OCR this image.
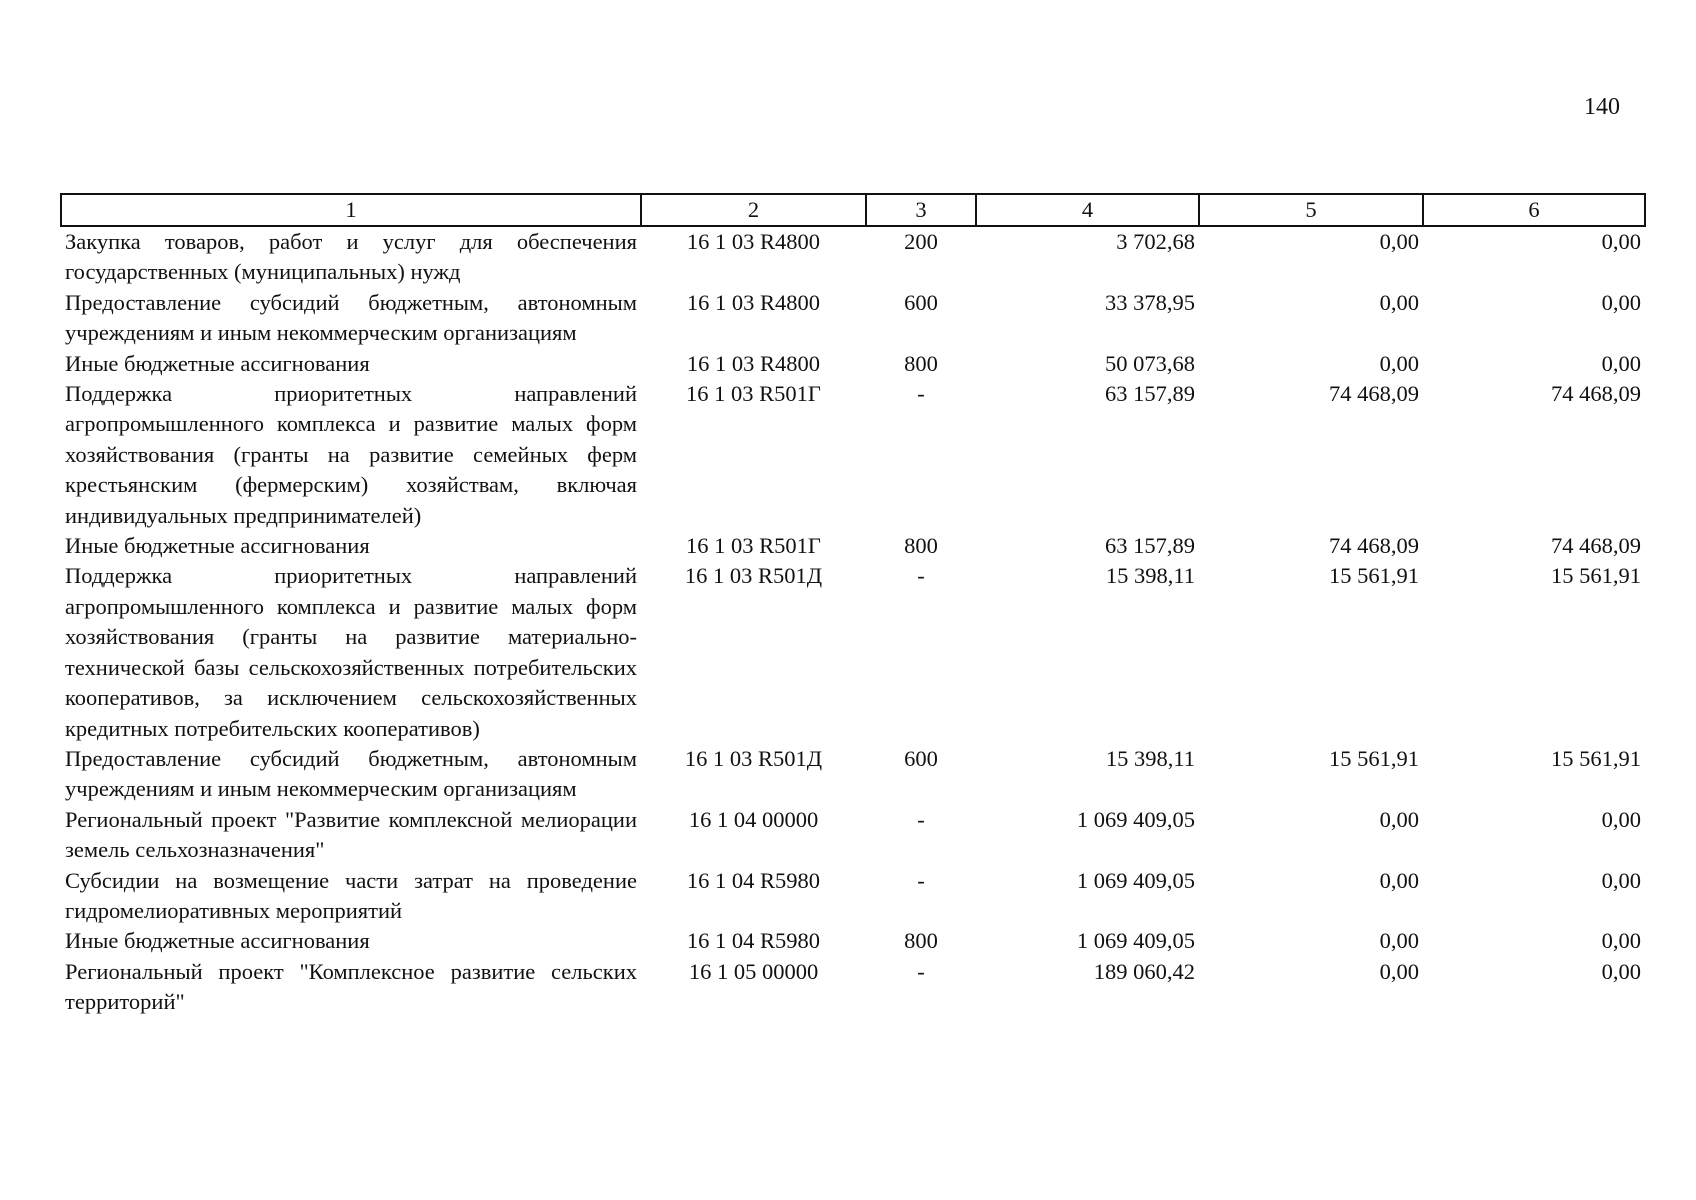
140
1	2	3	4	5	6
Закупка товаров, работ и услуг для обеспечения государственных (муниципальных) нужд	16 1 03 R4800	200	3 702,68	0,00	0,00
Предоставление субсидий бюджетным, автономным учреждениям и иным некоммерческим организациям	16 1 03 R4800	600	33 378,95	0,00	0,00
Иные бюджетные ассигнования	16 1 03 R4800	800	50 073,68	0,00	0,00
Поддержка приоритетных направлений агропромышленного комплекса и развитие малых форм хозяйствования (гранты на развитие семейных ферм крестьянским (фермерским) хозяйствам, включая индивидуальных предпринимателей)	16 1 03 R501Г	-	63 157,89	74 468,09	74 468,09
Иные бюджетные ассигнования	16 1 03 R501Г	800	63 157,89	74 468,09	74 468,09
Поддержка приоритетных направлений агропромышленного комплекса и развитие малых форм хозяйствования (гранты на развитие материально-технической базы сельскохозяйственных потребительских кооперативов, за исключением сельскохозяйственных кредитных потребительских кооперативов)	16 1 03 R501Д	-	15 398,11	15 561,91	15 561,91
Предоставление субсидий бюджетным, автономным учреждениям и иным некоммерческим организациям	16 1 03 R501Д	600	15 398,11	15 561,91	15 561,91
Региональный проект "Развитие комплексной мелиорации земель сельхозназначения"	16 1 04 00000	-	1 069 409,05	0,00	0,00
Субсидии на возмещение части затрат на проведение гидромелиоративных мероприятий	16 1 04 R5980	-	1 069 409,05	0,00	0,00
Иные бюджетные ассигнования	16 1 04 R5980	800	1 069 409,05	0,00	0,00
Региональный проект "Комплексное развитие сельских территорий"	16 1 05 00000	-	189 060,42	0,00	0,00
